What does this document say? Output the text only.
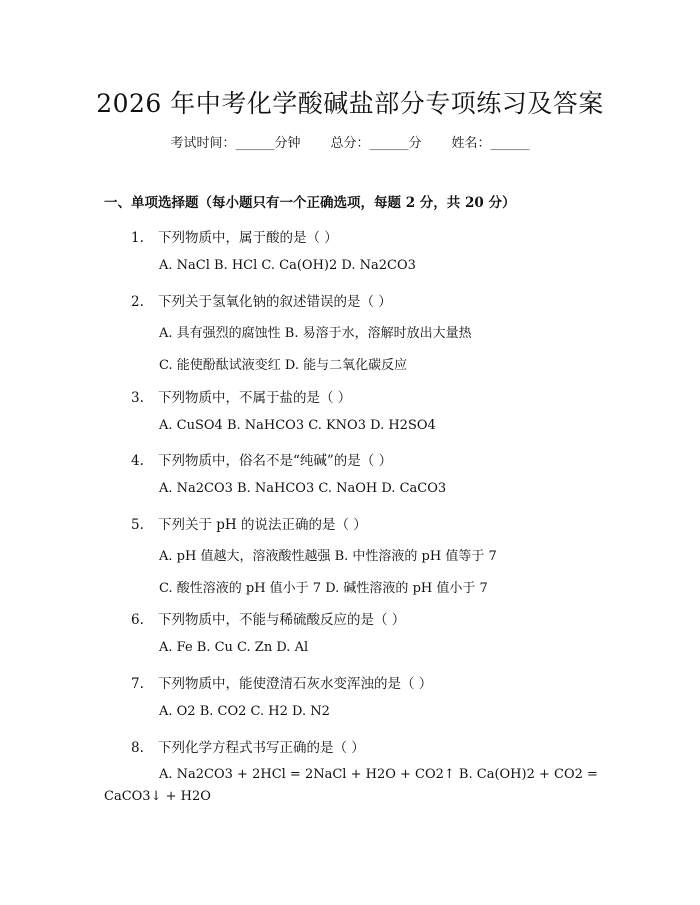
2026 年中考化学酸碱盐部分专项练习及答案
考试时间：______分钟 总分：______分 姓名：______
一、单项选择题（每小题只有一个正确选项，每题 2 分，共 20 分）
1. 下列物质中，属于酸的是（ ）
A. NaCl B. HCl C. Ca(OH)2 D. Na2CO3
2. 下列关于氢氧化钠的叙述错误的是（ ）
A. 具有强烈的腐蚀性 B. 易溶于水，溶解时放出大量热
C. 能使酚酞试液变红 D. 能与二氧化碳反应
3. 下列物质中，不属于盐的是（ ）
A. CuSO4 B. NaHCO3 C. KNO3 D. H2SO4
4. 下列物质中，俗名不是“纯碱”的是（ ）
A. Na2CO3 B. NaHCO3 C. NaOH D. CaCO3
5. 下列关于 pH 的说法正确的是（ ）
A. pH 值越大，溶液酸性越强 B. 中性溶液的 pH 值等于 7
C. 酸性溶液的 pH 值小于 7 D. 碱性溶液的 pH 值小于 7
6. 下列物质中，不能与稀硫酸反应的是（ ）
A. Fe B. Cu C. Zn D. Al
7. 下列物质中，能使澄清石灰水变浑浊的是（ ）
A. O2 B. CO2 C. H2 D. N2
8. 下列化学方程式书写正确的是（ ）
A. Na2CO3 + 2HCl = 2NaCl + H2O + CO2↑ B. Ca(OH)2 + CO2 =
CaCO3↓ + H2O
